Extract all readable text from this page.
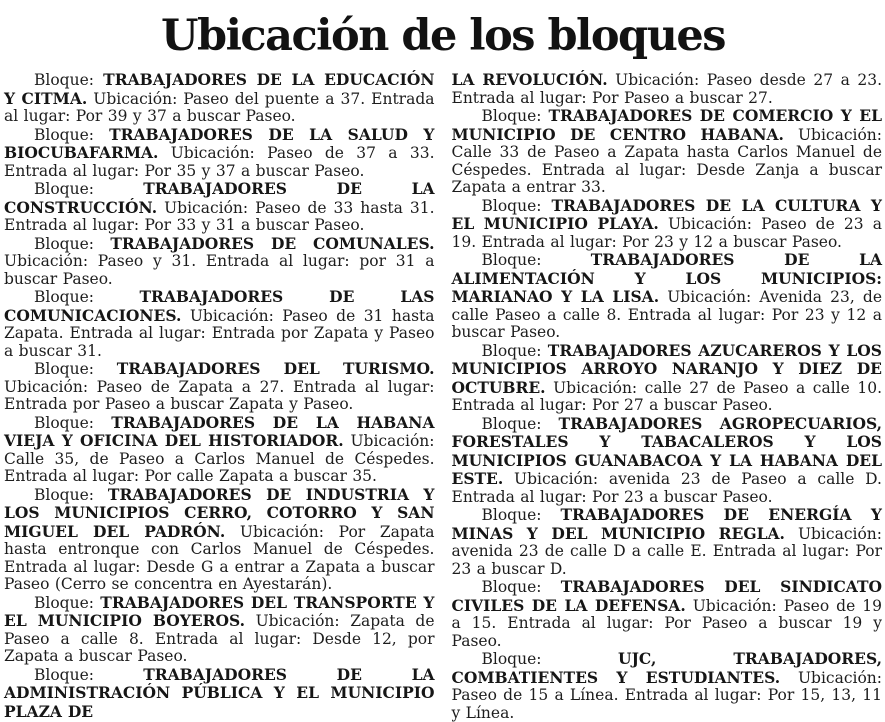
Ubicación de los bloques

Bloque: TRABAJADORES DE LA EDUCACIÓN Y CITMA. Ubicación: Paseo del puente a 37. Entrada al lugar: Por 39 y 37 a buscar Paseo.

Bloque: TRABAJADORES DE LA SALUD Y BIOCUBAFARMA. Ubicación: Paseo de 37 a 33. Entrada al lugar: Por 35 y 37 a buscar Paseo.

Bloque: TRABAJADORES DE LA CONSTRUCCIÓN. Ubicación: Paseo de 33 hasta 31. Entrada al lugar: Por 33 y 31 a buscar Paseo.

Bloque: TRABAJADORES DE COMUNALES. Ubicación: Paseo y 31. Entrada al lugar: por 31 a buscar Paseo.

Bloque: TRABAJADORES DE LAS COMUNICACIONES. Ubicación: Paseo de 31 hasta Zapata. Entrada al lugar: Entrada por Zapata y Paseo a buscar 31.

Bloque: TRABAJADORES DEL TURISMO. Ubicación: Paseo de Zapata a 27. Entrada al lugar: Entrada por Paseo a buscar Zapata y Paseo.

Bloque: TRABAJADORES DE LA HABANA VIEJA Y OFICINA DEL HISTORIADOR. Ubicación: Calle 35, de Paseo a Carlos Manuel de Céspedes. Entrada al lugar: Por calle Zapata a buscar 35.

Bloque: TRABAJADORES DE INDUSTRIA Y LOS MUNICIPIOS CERRO, COTORRO Y SAN MIGUEL DEL PADRÓN. Ubicación: Por Zapata hasta entronque con Carlos Manuel de Céspedes. Entrada al lugar: Desde G a entrar a Zapata a buscar Paseo (Cerro se concentra en Ayestarán).

Bloque: TRABAJADORES DEL TRANSPORTE Y EL MUNICIPIO BOYEROS. Ubicación: Zapata de Paseo a calle 8. Entrada al lugar: Desde 12, por Zapata a buscar Paseo.

Bloque: TRABAJADORES DE LA ADMINISTRACIÓN PÚBLICA Y EL MUNICIPIO PLAZA DE

LA REVOLUCIÓN. Ubicación: Paseo desde 27 a 23. Entrada al lugar: Por Paseo a buscar 27.

Bloque: TRABAJADORES DE COMERCIO Y EL MUNICIPIO DE CENTRO HABANA. Ubicación: Calle 33 de Paseo a Zapata hasta Carlos Manuel de Céspedes. Entrada al lugar: Desde Zanja a buscar Zapata a entrar 33.

Bloque: TRABAJADORES DE LA CULTURA Y EL MUNICIPIO PLAYA. Ubicación: Paseo de 23 a 19. Entrada al lugar: Por 23 y 12 a buscar Paseo.

Bloque: TRABAJADORES DE LA ALIMENTACIÓN Y LOS MUNICIPIOS: MARIANAO Y LA LISA. Ubicación: Avenida 23, de calle Paseo a calle 8. Entrada al lugar: Por 23 y 12 a buscar Paseo.

Bloque: TRABAJADORES AZUCAREROS Y LOS MUNICIPIOS ARROYO NARANJO Y DIEZ DE OCTUBRE. Ubicación: calle 27 de Paseo a calle 10. Entrada al lugar: Por 27 a buscar Paseo.

Bloque: TRABAJADORES AGROPECUARIOS, FORESTALES Y TABACALEROS Y LOS MUNICIPIOS GUANABACOA Y LA HABANA DEL ESTE. Ubicación: avenida 23 de Paseo a calle D. Entrada al lugar: Por 23 a buscar Paseo.

Bloque: TRABAJADORES DE ENERGÍA Y MINAS Y DEL MUNICIPIO REGLA. Ubicación: avenida 23 de calle D a calle E. Entrada al lugar: Por 23 a buscar D.

Bloque: TRABAJADORES DEL SINDICATO CIVILES DE LA DEFENSA. Ubicación: Paseo de 19 a 15. Entrada al lugar: Por Paseo a buscar 19 y Paseo.

Bloque: UJC, TRABAJADORES, COMBATIENTES Y ESTUDIANTES. Ubicación: Paseo de 15 a Línea. Entrada al lugar: Por 15, 13, 11 y Línea.
